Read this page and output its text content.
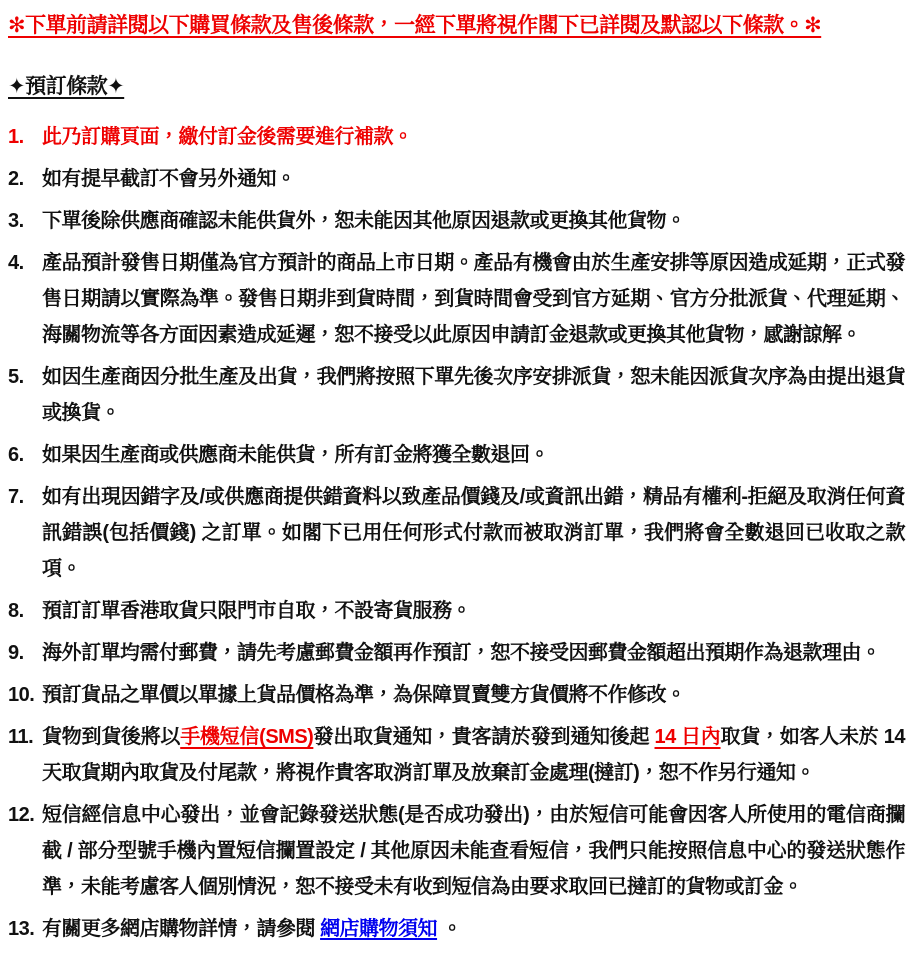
✻下單前請詳閱以下購買條款及售後條款，一經下單將視作閣下已詳閱及默認以下條款。✻

✦預訂條款✦
1. 此乃訂購頁面，繳付訂金後需要進行補款。
2. 如有提早截訂不會另外通知。
3. 下單後除供應商確認未能供貨外，恕未能因其他原因退款或更換其他貨物。
4. 產品預計發售日期僅為官方預計的商品上市日期。產品有機會由於生產安排等原因造成延期，正式發售日期請以實際為準。發售日期非到貨時間，到貨時間會受到官方延期、官方分批派貨、代理延期、海關物流等各方面因素造成延遲，恕不接受以此原因申請訂金退款或更換其他貨物，感謝諒解。
5. 如因生產商因分批生產及出貨，我們將按照下單先後次序安排派貨，恕未能因派貨次序為由提出退貨或換貨。
6. 如果因生產商或供應商未能供貨，所有訂金將獲全數退回。
7. 如有出現因錯字及/或供應商提供錯資料以致產品價錢及/或資訊出錯，精品有權利-拒絕及取消任何資訊錯誤(包括價錢) 之訂單。如閣下已用任何形式付款而被取消訂單，我們將會全數退回已收取之款項。
8. 預訂訂單香港取貨只限門市自取，不設寄貨服務。
9. 海外訂單均需付郵費，請先考慮郵費金額再作預訂，恕不接受因郵費金額超出預期作為退款理由。
10. 預訂貨品之單價以單據上貨品價格為準，為保障買賣雙方貨價將不作修改。
11. 貨物到貨後將以手機短信(SMS)發出取貨通知，貴客請於發到通知後起 14 日內取貨，如客人未於 14 天取貨期內取貨及付尾款，將視作貴客取消訂單及放棄訂金處理(撻訂)，恕不作另行通知。
12. 短信經信息中心發出，並會記錄發送狀態(是否成功發出)，由於短信可能會因客人所使用的電信商攔截 / 部分型號手機內置短信攔置設定 / 其他原因未能查看短信，我們只能按照信息中心的發送狀態作準，未能考慮客人個別情況，恕不接受未有收到短信為由要求取回已撻訂的貨物或訂金。
13. 有關更多網店購物詳情，請參閱 網店購物須知 。
